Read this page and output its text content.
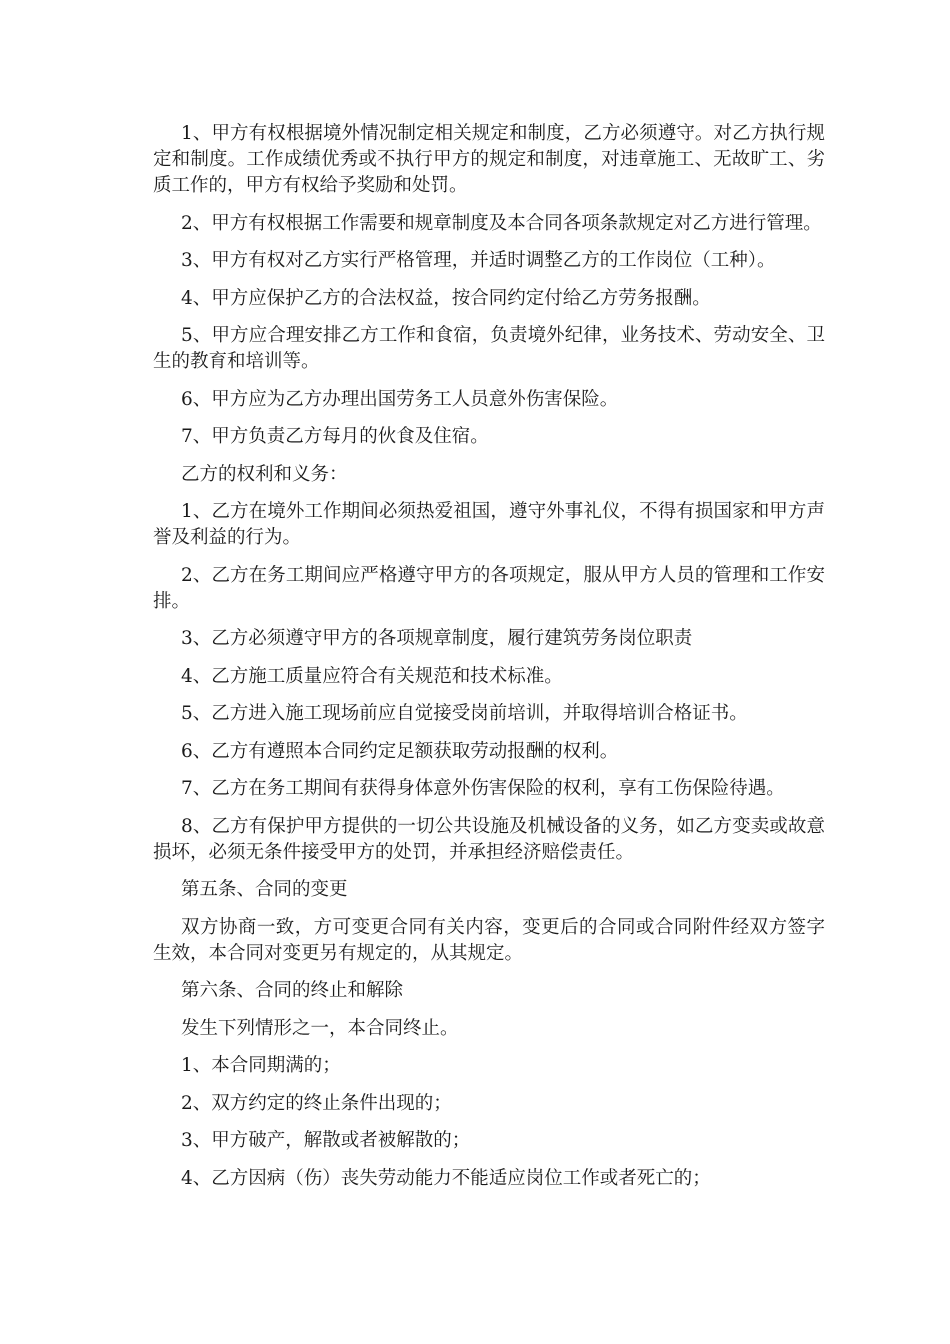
1、甲方有权根据境外情况制定相关规定和制度，乙方必须遵守。对乙方执行规定和制度。工作成绩优秀或不执行甲方的规定和制度，对违章施工、无故旷工、劣质工作的，甲方有权给予奖励和处罚。

2、甲方有权根据工作需要和规章制度及本合同各项条款规定对乙方进行管理。

3、甲方有权对乙方实行严格管理，并适时调整乙方的工作岗位（工种）。

4、甲方应保护乙方的合法权益，按合同约定付给乙方劳务报酬。

5、甲方应合理安排乙方工作和食宿，负责境外纪律，业务技术、劳动安全、卫生的教育和培训等。

6、甲方应为乙方办理出国劳务工人员意外伤害保险。

7、甲方负责乙方每月的伙食及住宿。

乙方的权利和义务：

1、乙方在境外工作期间必须热爱祖国，遵守外事礼仪，不得有损国家和甲方声誉及利益的行为。

2、乙方在务工期间应严格遵守甲方的各项规定，服从甲方人员的管理和工作安排。

3、乙方必须遵守甲方的各项规章制度，履行建筑劳务岗位职责

4、乙方施工质量应符合有关规范和技术标准。

5、乙方进入施工现场前应自觉接受岗前培训，并取得培训合格证书。

6、乙方有遵照本合同约定足额获取劳动报酬的权利。

7、乙方在务工期间有获得身体意外伤害保险的权利，享有工伤保险待遇。

8、乙方有保护甲方提供的一切公共设施及机械设备的义务，如乙方变卖或故意损坏，必须无条件接受甲方的处罚，并承担经济赔偿责任。

第五条、合同的变更

双方协商一致，方可变更合同有关内容，变更后的合同或合同附件经双方签字生效，本合同对变更另有规定的，从其规定。

第六条、合同的终止和解除

发生下列情形之一，本合同终止。

1、本合同期满的；

2、双方约定的终止条件出现的；

3、甲方破产，解散或者被解散的；

4、乙方因病（伤）丧失劳动能力不能适应岗位工作或者死亡的；
